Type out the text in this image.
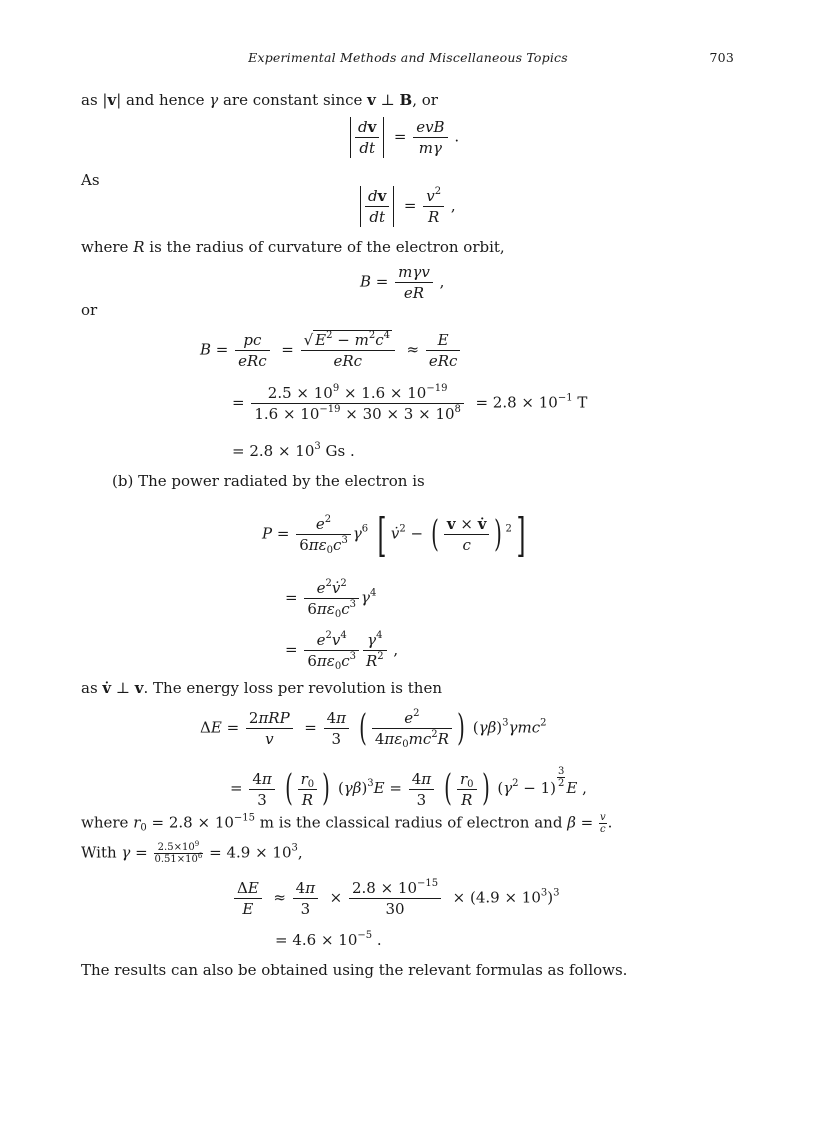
Experimental Methods and Miscellaneous Topics	703
as |v| and hence γ are constant since v ⊥ B, or
$\frac{dv}{dt} = \frac{\text{evB}}{m\gamma}$ .
As
$\frac{dv}{dt} = \frac{v^2}{R}$ ,
where R is the radius of curvature of the electron orbit,
$B = \frac{\text{mγv}}{eR}$ ,
or
$B = \frac{pc}{\text{eRc}} = \frac{√ E^2 - m^2c^4}{\text{eRc}} \approx \frac{E}{\text{eRc}}$
= $\frac{2.5 \times 10^9 \times 1.6 \times 10^{-19}}{1.6 \times 10^{-19} \times 30 \times 3 \times 10^8} = 2.8 \times 10^{-1}$ T
= $2.8 \times 10^3$ Gs .
(b) The power radiated by the electron is
$P = \frac{e^2}{6\pi\varepsilon_0c^3} \gamma^6$ [ v̇$^2$ − ( $\frac{v \times v̇}{c}$ ) $^2$]
= $\frac{e^2v̇^2}{6\pi\varepsilon_0c^3} \gamma^4$
= $\frac{e^2v^4}{6\pi\varepsilon_0c^3} \frac{\gamma^4}{R^2}$ ,
as v̇ ⊥ v. The energy loss per revolution is then
$\Delta E = \frac{\text{2πRP}}{v} = \frac{4\pi}{3}$ ( $\frac{e^2}{4\pi\varepsilon_0mc^2R}$ ) $(\gamma\beta)^3\gamma mc^2$
= $\frac{4\pi}{3}$ ( $\frac{r_0}{R}$ ) $(\gamma\beta)^3E = \frac{4\pi}{3}$ ( $\frac{r_0}{R}$ ) $(\gamma^2 - 1) \frac{3}{2}$ E ,
where $r_0 = 2.8 \times 10^{-15}$ m is the classical radius of electron and $\beta = \frac{v}{c}$ .
With $\gamma = \frac{2.5\times 10^9}{0.51\times 10^6} = 4.9 \times 10^3$,
$\frac{\Delta E}{E} \approx \frac{4\pi}{3} \times \frac{2.8 \times 10^{-15}}{30} \times (4.9 \times 10^3)^3$
= $4.6 \times 10^{-5}$ .
The results can also be obtained using the relevant formulas as follows.
